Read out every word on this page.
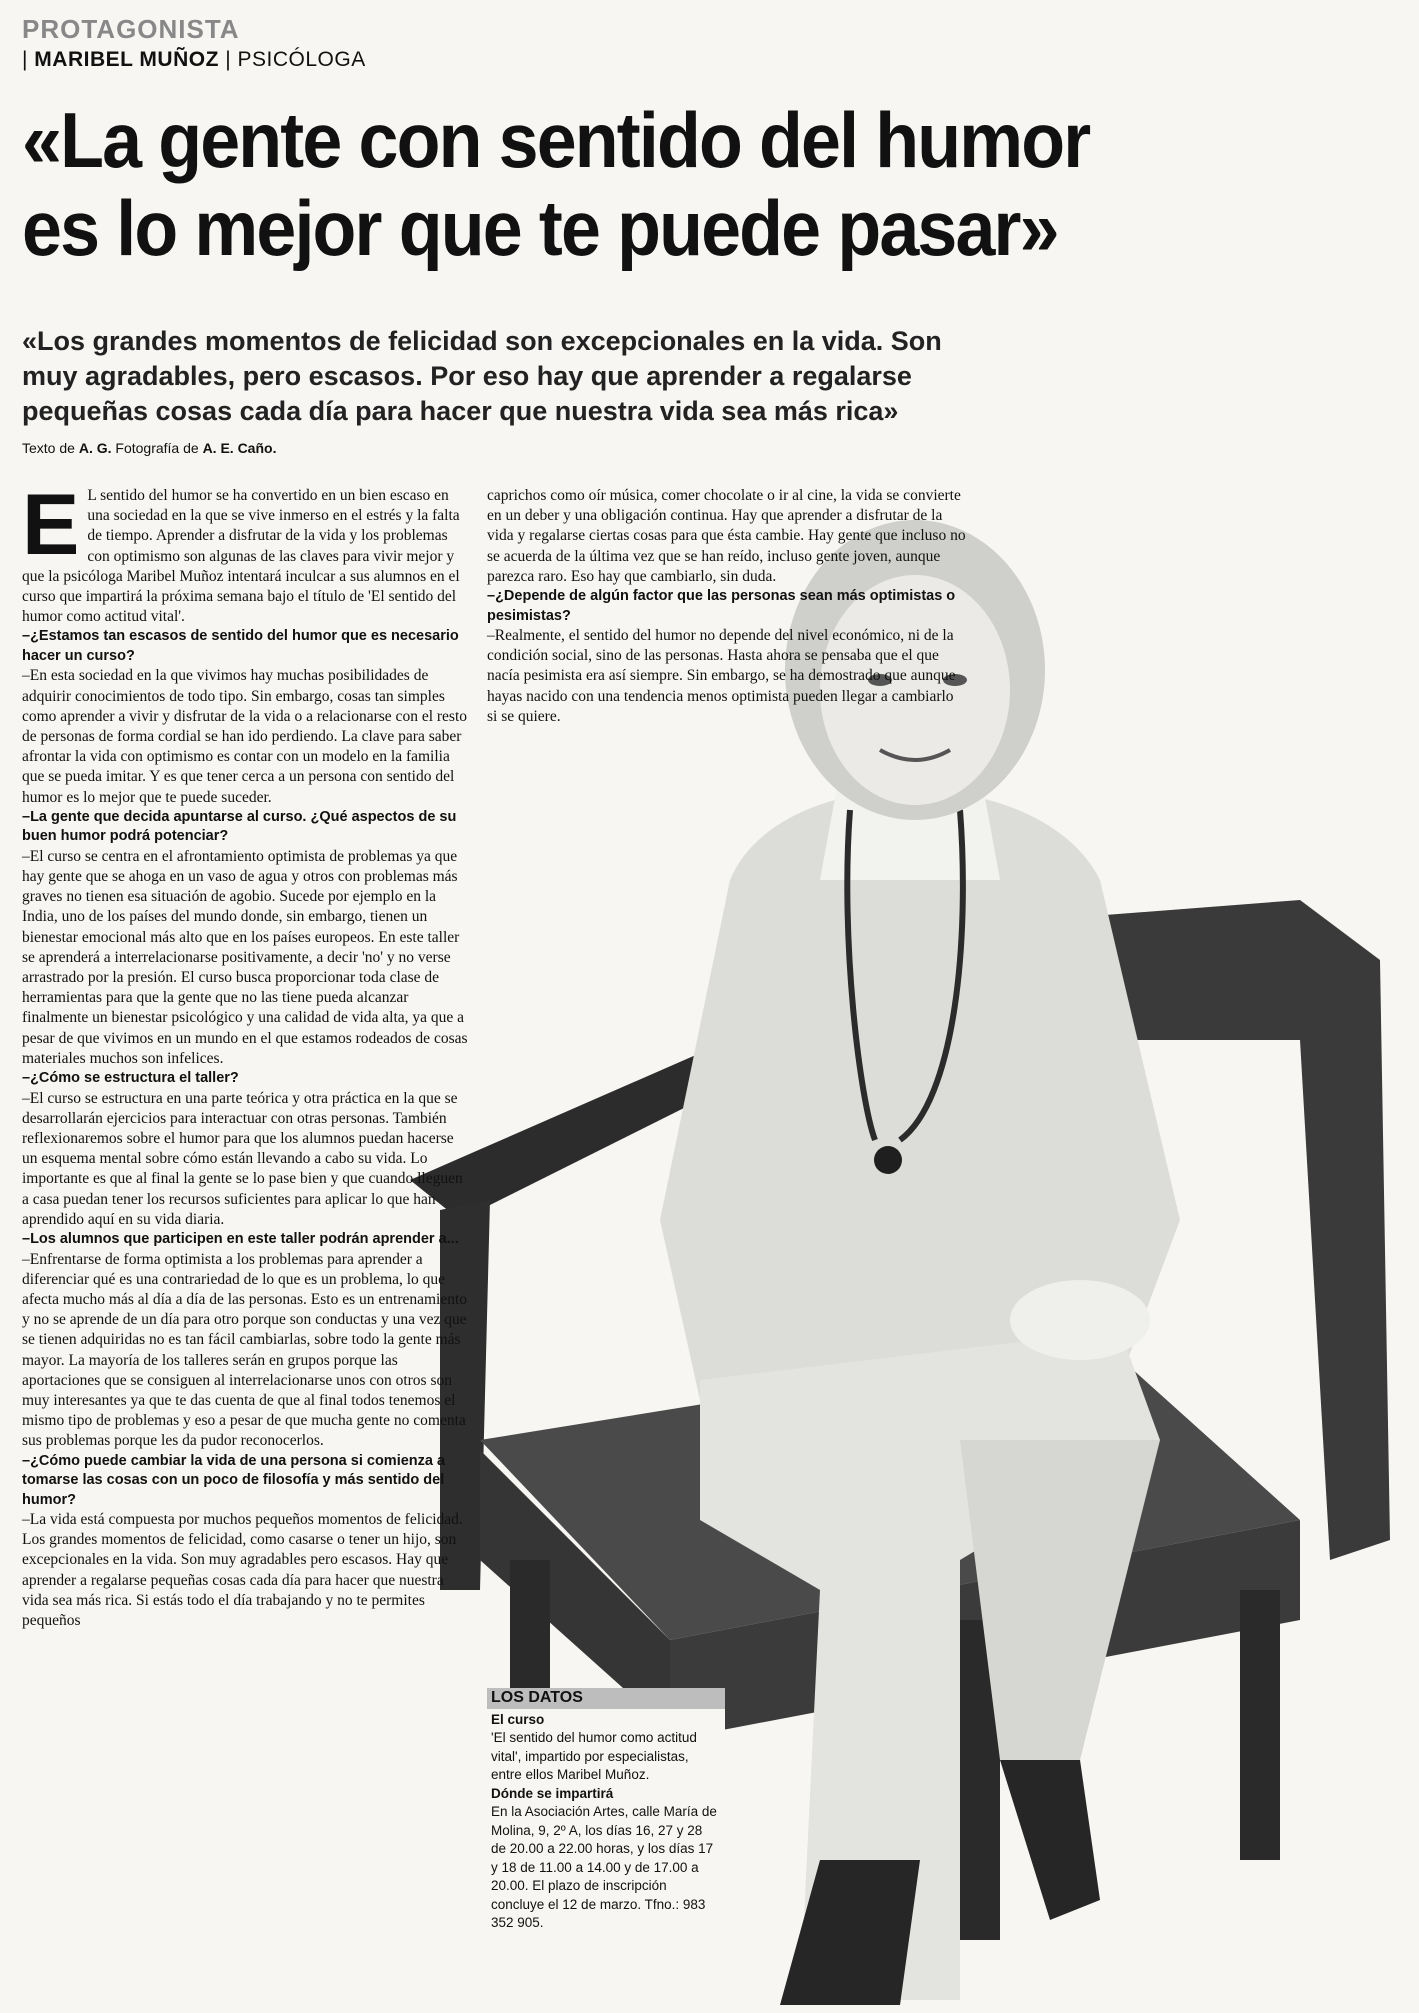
PROTAGONISTA
| MARIBEL MUÑOZ | PSICÓLOGA
«La gente con sentido del humor
es lo mejor que te puede pasar»
«Los grandes momentos de felicidad son excepcionales en la vida. Son muy agradables, pero escasos. Por eso hay que aprender a regalarse pequeñas cosas cada día para hacer que nuestra vida sea más rica»
Texto de A. G. Fotografía de A. E. Caño.
E L sentido del humor se ha convertido en un bien escaso en una sociedad en la que se vive inmerso en el estrés y la falta de tiempo. Aprender a disfrutar de la vida y los problemas con optimismo son algunas de las claves para vivir mejor y que la psicóloga Maribel Muñoz intentará inculcar a sus alumnos en el curso que impartirá la próxima semana bajo el título de 'El sentido del humor como actitud vital'.

–¿Estamos tan escasos de sentido del humor que es necesario hacer un curso?

–En esta sociedad en la que vivimos hay muchas posibilidades de adquirir conocimientos de todo tipo. Sin embargo, cosas tan simples como aprender a vivir y disfrutar de la vida o a relacionarse con el resto de personas de forma cordial se han ido perdiendo. La clave para saber afrontar la vida con optimismo es contar con un modelo en la familia que se pueda imitar. Y es que tener cerca a un persona con sentido del humor es lo mejor que te puede suceder.

–La gente que decida apuntarse al curso. ¿Qué aspectos de su buen humor podrá potenciar?

–El curso se centra en el afrontamiento optimista de problemas ya que hay gente que se ahoga en un vaso de agua y otros con problemas más graves no tienen esa situación de agobio. Sucede por ejemplo en la India, uno de los países del mundo donde, sin embargo, tienen un bienestar emocional más alto que en los países europeos. En este taller se aprenderá a interrelacionarse positivamente, a decir 'no' y no verse arrastrado por la presión. El curso busca proporcionar toda clase de herramientas para que la gente que no las tiene pueda alcanzar finalmente un bienestar psicológico y una calidad de vida alta, ya que a pesar de que vivimos en un mundo en el que estamos rodeados de cosas materiales muchos son infelices.

–¿Cómo se estructura el taller?

–El curso se estructura en una parte teórica y otra práctica en la que se desarrollarán ejercicios para interactuar con otras personas. También reflexionaremos sobre el humor para que los alumnos puedan hacerse un esquema mental sobre cómo están llevando a cabo su vida. Lo importante es que al final la gente se lo pase bien y que cuando lleguen a casa puedan tener los recursos suficientes para aplicar lo que han aprendido aquí en su vida diaria.

–Los alumnos que participen en este taller podrán aprender a...

–Enfrentarse de forma optimista a los problemas para aprender a diferenciar qué es una contrariedad de lo que es un problema, lo que afecta mucho más al día a día de las personas. Esto es un entrenamiento y no se aprende de un día para otro porque son conductas y una vez que se tienen adquiridas no es tan fácil cambiarlas, sobre todo la gente más mayor. La mayoría de los talleres serán en grupos porque las aportaciones que se consiguen al interrelacionarse unos con otros son muy interesantes ya que te das cuenta de que al final todos tenemos el mismo tipo de problemas y eso a pesar de que mucha gente no comenta sus problemas porque les da pudor reconocerlos.

–¿Cómo puede cambiar la vida de una persona si comienza a tomarse las cosas con un poco de filosofía y más sentido del humor?

–La vida está compuesta por muchos pequeños momentos de felicidad. Los grandes momentos de felicidad, como casarse o tener un hijo, son excepcionales en la vida. Son muy agradables pero escasos. Hay que aprender a regalarse pequeñas cosas cada día para hacer que nuestra vida sea más rica. Si estás todo el día trabajando y no te permites pequeños

caprichos como oír música, comer chocolate o ir al cine, la vida se convierte en un deber y una obligación continua. Hay que aprender a disfrutar de la vida y regalarse ciertas cosas para que ésta cambie. Hay gente que incluso no se acuerda de la última vez que se han reído, incluso gente joven, aunque parezca raro. Eso hay que cambiarlo, sin duda.

–¿Depende de algún factor que las personas sean más optimistas o pesimistas?

–Realmente, el sentido del humor no depende del nivel económico, ni de la condición social, sino de las personas. Hasta ahora se pensaba que el que nacía pesimista era así siempre. Sin embargo, se ha demostrado que aunque hayas nacido con una tendencia menos optimista pueden llegar a cambiarlo si se quiere.

LOS DATOS
El curso
'El sentido del humor como actitud vital', impartido por especialistas, entre ellos Maribel Muñoz.
Dónde se impartirá
En la Asociación Artes, calle María de Molina, 9, 2º A, los días 16, 27 y 28 de 20.00 a 22.00 horas, y los días 17 y 18 de 11.00 a 14.00 y de 17.00 a 20.00. El plazo de inscripción concluye el 12 de marzo. Tfno.: 983 352 905.
